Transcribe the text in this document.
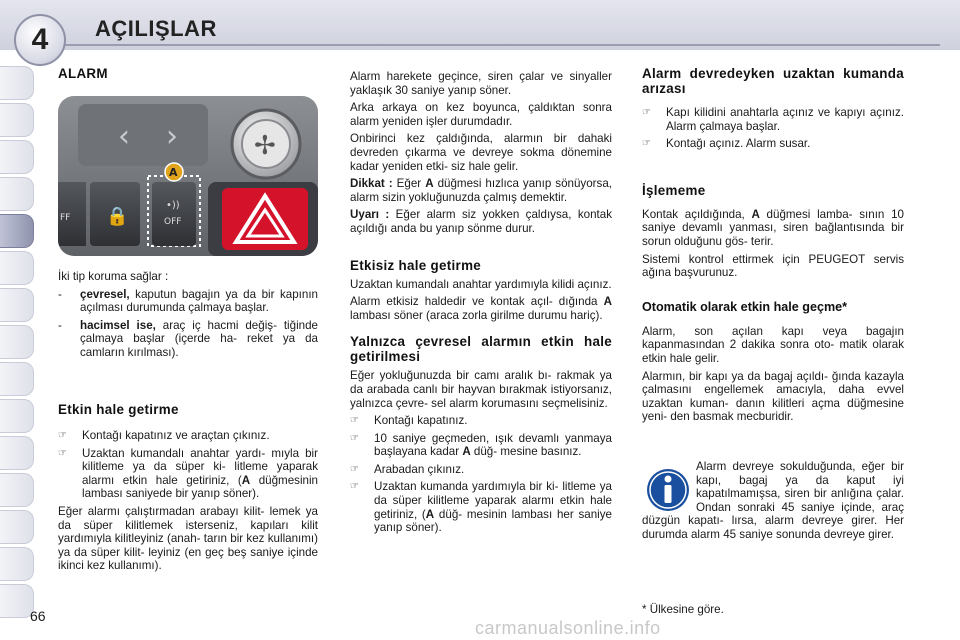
AÇILIŞLAR
4
ALARM
‹ ›	✢
FF 🔒
•))
OFF
A

İki tip koruma sağlar :

-	çevresel, kaputun bagajın ya da bir kapının açılması durumunda çalmaya başlar.
-	hacimsel ise, araç iç hacmi değiş- tiğinde çalmaya başlar (içerde ha- reket ya da camların kırılması).
Etkin hale getirme
☞	Kontağı kapatınız ve araçtan çıkınız.
☞	Uzaktan kumandalı anahtar yardı- mıyla bir kilitleme ya da süper ki- litleme yaparak alarmı etkin hale getiriniz, (A düğmesinin lambası saniyede bir yanıp söner).

Eğer alarmı çalıştırmadan arabayı kilit- lemek ya da süper kilitlemek isterseniz, kapıları kilit yardımıyla kilitleyiniz (anah- tarın bir kez kullanımı) ya da süper kilit- leyiniz (en geç beş saniye içinde ikinci kez kullanımı).

Alarm harekete geçince, siren çalar ve sinyaller yaklaşık 30 saniye yanıp söner.

Arka arkaya on kez boyunca, çaldıktan sonra alarm yeniden işler durumdadır.

Onbirinci kez çaldığında, alarmın bir dahaki devreden çıkarma ve devreye sokma dönemine kadar yeniden etki- siz hale gelir.

Dikkat : Eğer A düğmesi hızlıca yanıp sönüyorsa, alarm sizin yokluğunuzda çalmış demektir.

Uyarı : Eğer alarm siz yokken çaldıysa, kontak açıldığı anda bu yanıp sönme durur.

Etkisiz hale getirme

Uzaktan kumandalı anahtar yardımıyla kilidi açınız.

Alarm etkisiz haldedir ve kontak açıl- dığında A lambası söner (araca zorla girilme durumu hariç).

Yalnızca çevresel alarmın etkin hale getirilmesi

Eğer yokluğunuzda bir camı aralık bı- rakmak ya da arabada canlı bir hayvan bırakmak istiyorsanız, yalnızca çevre- sel alarm korumasını seçmelisiniz.

☞	Kontağı kapatınız.
☞	10 saniye geçmeden, ışık devamlı yanmaya başlayana kadar A düğ- mesine basınız.
☞	Arabadan çıkınız.
☞	Uzaktan kumanda yardımıyla bir ki- litleme ya da süper kilitleme yaparak alarmı etkin hale getiriniz, (A düğ- mesinin lambası her saniye yanıp söner).
Alarm devredeyken uzaktan kumanda arızası
☞	Kapı kilidini anahtarla açınız ve kapıyı açınız. Alarm çalmaya başlar.
☞	Kontağı açınız. Alarm susar.
İşlememe

Kontak açıldığında, A düğmesi lamba- sının 10 saniye devamlı yanması, siren bağlantısında bir sorun olduğunu gös- terir.

Sistemi kontrol ettirmek için PEUGEOT servis ağına başvurunuz.

Otomatik olarak etkin hale geçme*

Alarm, son açılan kapı veya bagajın kapanmasından 2 dakika sonra oto- matik olarak etkin hale gelir.

Alarmın, bir kapı ya da bagaj açıldı- ğında kazayla çalmasını engellemek amacıyla, daha evvel uzaktan kuman- danın kilitleri açma düğmesine yeni- den basmak mecburidir.

Alarm devreye sokulduğunda, eğer bir kapı, bagaj ya da kaput iyi kapatılmamışsa, siren bir anlığına çalar. Ondan sonraki 45 saniye içinde, araç düzgün kapatı- lırsa, alarm devreye girer. Her durumda alarm 45 saniye sonunda devreye girer.
* Ülkesine göre.
66
carmanualsonline.info
